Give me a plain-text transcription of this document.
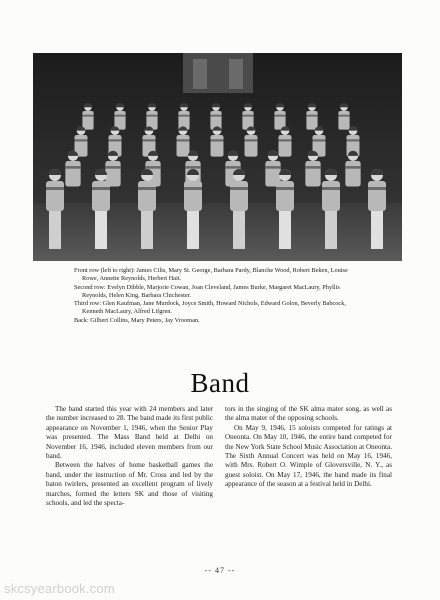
Front row (left to right): James Cilis, Mary St. George, Barbara Pardy, Blanche Wood, Robert Beken, Louise Rowe, Annette Reynolds, Herbert Hait.

Second row: Evelyn Dibble, Marjorie Cowan, Joan Cleveland, James Burke, Margaret MacLaury, Phyllis Reynolds, Helen King, Barbara Chichester.

Third row: Glen Kaufman, Jane Murdock, Joyce Smith, Howard Nichols, Edward Golon, Beverly Babcock, Kenneth MacLaury, Alfred Lifgren.

Back: Gilbert Collins, Mary Peters, Jay Vrooman.

Band

The band started this year with 24 members and later the number increased to 28. The band made its first public appearance on November 1, 1946, when the Senior Play was presented. The Mass Band held at Delhi on November 16, 1946, included eleven members from our band.

Between the halves of home basketball games the band, under the instruction of Mr. Cross and led by the baton twirlers, presented an excellent program of lively marches, formed the letters SK and those of visiting schools, and led the specta-

tors in the singing of the SK alma mater song, as well as the alma mater of the opposing schools.

On May 9, 1946, 15 soloists competed for ratings at Oneonta. On May 10, 1946, the entire band competed for the New York State School Music Association at Oneonta. The Sixth Annual Concert was held on May 16, 1946, with Mrs. Robert O. Wimple of Gloversville, N. Y., as guest soloist. On May 17, 1946, the band made its final appearance of the season at a festival held in Delhi.

-- 47 --
skcsyearbook.com
